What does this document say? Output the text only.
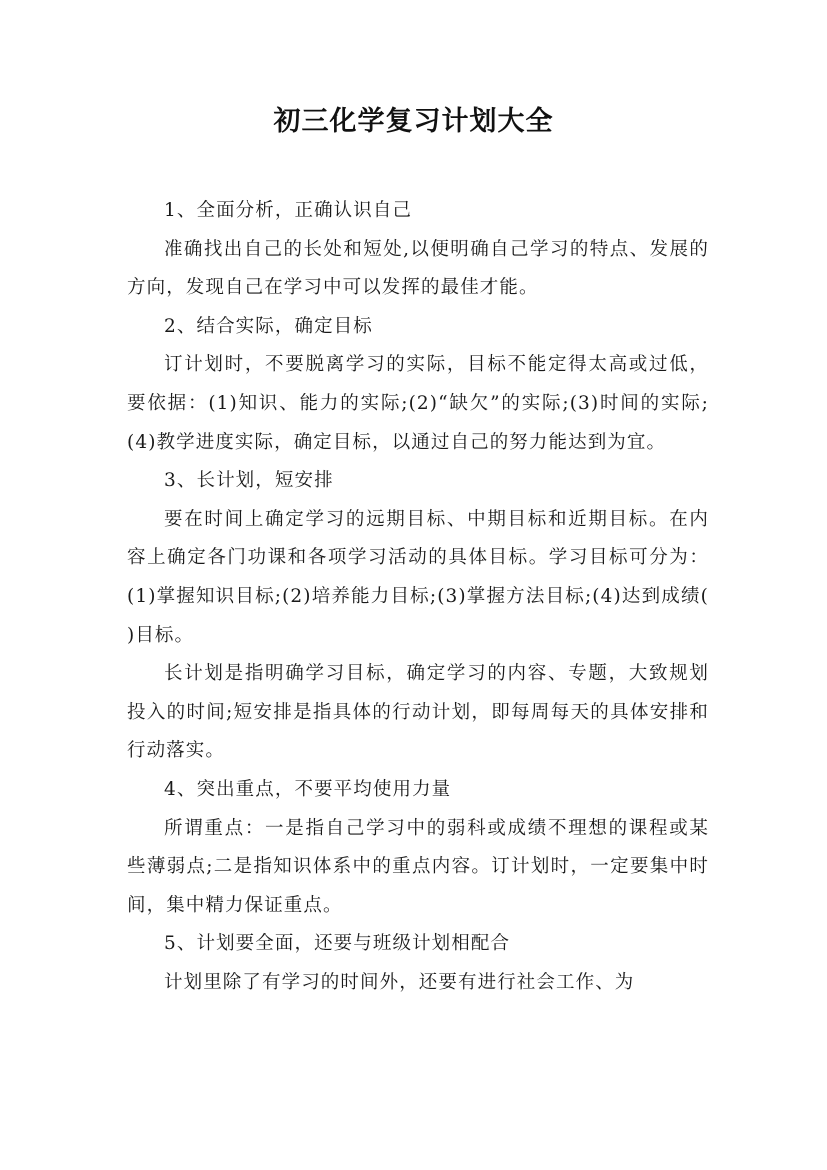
初三化学复习计划大全

1、全面分析，正确认识自己

准确找出自己的长处和短处,以便明确自己学习的特点、发展的方向，发现自己在学习中可以发挥的最佳才能。

2、结合实际，确定目标

订计划时，不要脱离学习的实际，目标不能定得太高或过低，要依据：(1)知识、能力的实际;(2)“缺欠”的实际;(3)时间的实际;(4)教学进度实际，确定目标，以通过自己的努力能达到为宜。

3、长计划，短安排

要在时间上确定学习的远期目标、中期目标和近期目标。在内容上确定各门功课和各项学习活动的具体目标。学习目标可分为：(1)掌握知识目标;(2)培养能力目标;(3)掌握方法目标;(4)达到成绩( )目标。

长计划是指明确学习目标，确定学习的内容、专题，大致规划投入的时间;短安排是指具体的行动计划，即每周每天的具体安排和行动落实。

4、突出重点，不要平均使用力量

所谓重点：一是指自己学习中的弱科或成绩不理想的课程或某些薄弱点;二是指知识体系中的重点内容。订计划时，一定要集中时间，集中精力保证重点。

5、计划要全面，还要与班级计划相配合

计划里除了有学习的时间外，还要有进行社会工作、为
